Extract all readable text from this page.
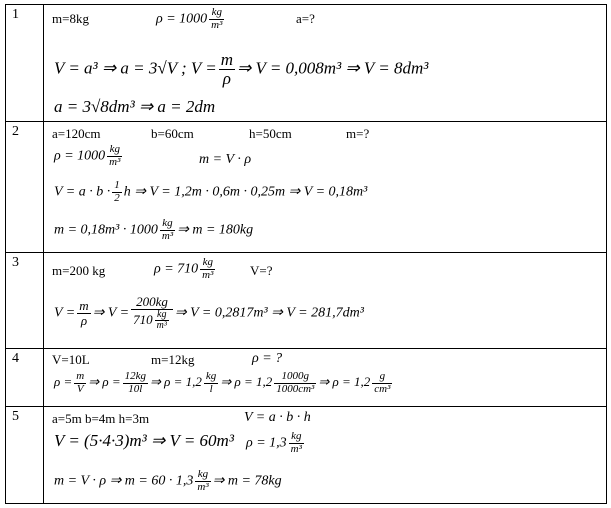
1	m=8kg	$\rho = 1000 \frac{kg}{\text{m³}}$	a=?
V = a³ ⇒ a = 3√V ; $V = \frac{m}{\rho}$ ⇒ V = 0,008m³ ⇒ V = 8dm³
a = 3√8dm³ ⇒ a = 2dm
2	a=120cm	b=60cm	h=50cm	m=?
$\rho = 1000 \frac{kg}{\text{m³}}$	m = V · ρ
$V = a \cdot b \cdot \frac{1}{2}$ h ⇒ V = 1,2m · 0,6m · 0,25m ⇒ V = 0,18m³
$m = 0,18m^3 \cdot 1000 \frac{kg}{\text{m³}}$ ⇒ m = 180kg
3
m=200 kg	$\rho = 710 \frac{kg}{\text{m³}}$	V=?
$V = \frac{m}{\rho}$ ⇒ $V = \frac{200kg}{710 \frac{kg}{\text{m³}}}$ ⇒ V = 0,2817m³ ⇒ V = 281,7dm³
4	V=10L	m=12kg	ρ = ?
$\rho = \frac{m}{V}$ ⇒ $\rho = \frac{12kg}{10l}$ ⇒ $\rho = 1,2 \frac{kg}{l}$ ⇒ $\rho = 1,2 \frac{1000g}{\text{1000cm³}}$ ⇒ $\rho = 1,2 \frac{g}{\text{cm³}}$
5	a=5m b=4m h=3m	V = a · b · h
V = (5·4·3)m³ ⇒ V = 60m³ $\rho = 1,3 \frac{kg}{\text{m³}}$
m = V · ρ ⇒ $m = 60 \cdot 1,3 \frac{kg}{\text{m³}}$ ⇒ m = 78kg
